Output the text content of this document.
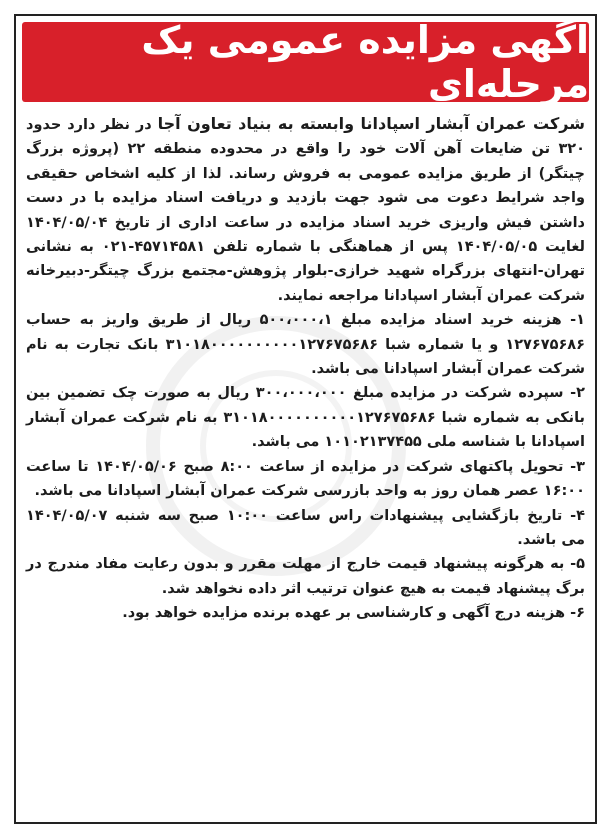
آگهی مزایده عمومی یک مرحله‌ای

شرکت عمران آبشار اسپادانا وابسته به بنیاد تعاون آجا در نظر دارد حدود ۳۲۰ تن ضایعات آهن آلات خود را واقع در محدوده منطقه ۲۲ (پروژه بزرگ چیتگر) از طریق مزایده عمومی به فروش رساند. لذا از کلیه اشخاص حقیقی واجد شرایط دعوت می شود جهت بازدید و دریافت اسناد مزایده با در دست داشتن فیش واریزی خرید اسناد مزایده در ساعت اداری از تاریخ ۱۴۰۴/۰۵/۰۴ لغایت ۱۴۰۴/۰۵/۰۵ پس از هماهنگی با شماره تلفن ۴۵۷۱۴۵۸۱-۰۲۱ به نشانی تهران-انتهای بزرگراه شهید خرازی-بلوار پژوهش-مجتمع بزرگ چیتگر-دبیرخانه شرکت عمران آبشار اسپادانا مراجعه نمایند.

۱- هزینه خرید اسناد مزایده مبلغ ۵۰۰،۰۰۰،۱ ریال از طریق واریز به حساب ۱۲۷۶۷۵۶۸۶ و یا شماره شبا ۳۱۰۱۸۰۰۰۰۰۰۰۰۰۰۱۲۷۶۷۵۶۸۶ بانک تجارت به نام شرکت عمران آبشار اسپادانا می باشد.

۲- سپرده شرکت در مزایده مبلغ ۳۰۰،۰۰۰،۰۰۰ ریال به صورت چک تضمین بین بانکی به شماره شبا ۳۱۰۱۸۰۰۰۰۰۰۰۰۰۰۱۲۷۶۷۵۶۸۶ به نام شرکت عمران آبشار اسپادانا با شناسه ملی ۱۰۱۰۲۱۳۷۴۵۵ می باشد.

۳- تحویل پاکتهای شرکت در مزایده از ساعت ۸:۰۰ صبح ۱۴۰۴/۰۵/۰۶ تا ساعت ۱۶:۰۰ عصر همان روز به واحد بازرسی شرکت عمران آبشار اسپادانا می باشد.

۴- تاریخ بازگشایی پیشنهادات راس ساعت ۱۰:۰۰ صبح سه شنبه ۱۴۰۴/۰۵/۰۷ می باشد.

۵- به هرگونه پیشنهاد قیمت خارج از مهلت مقرر و بدون رعایت مفاد مندرج در برگ پیشنهاد قیمت به هیچ عنوان ترتیب اثر داده نخواهد شد.

۶- هزینه درج آگهی و کارشناسی بر عهده برنده مزایده خواهد بود.
